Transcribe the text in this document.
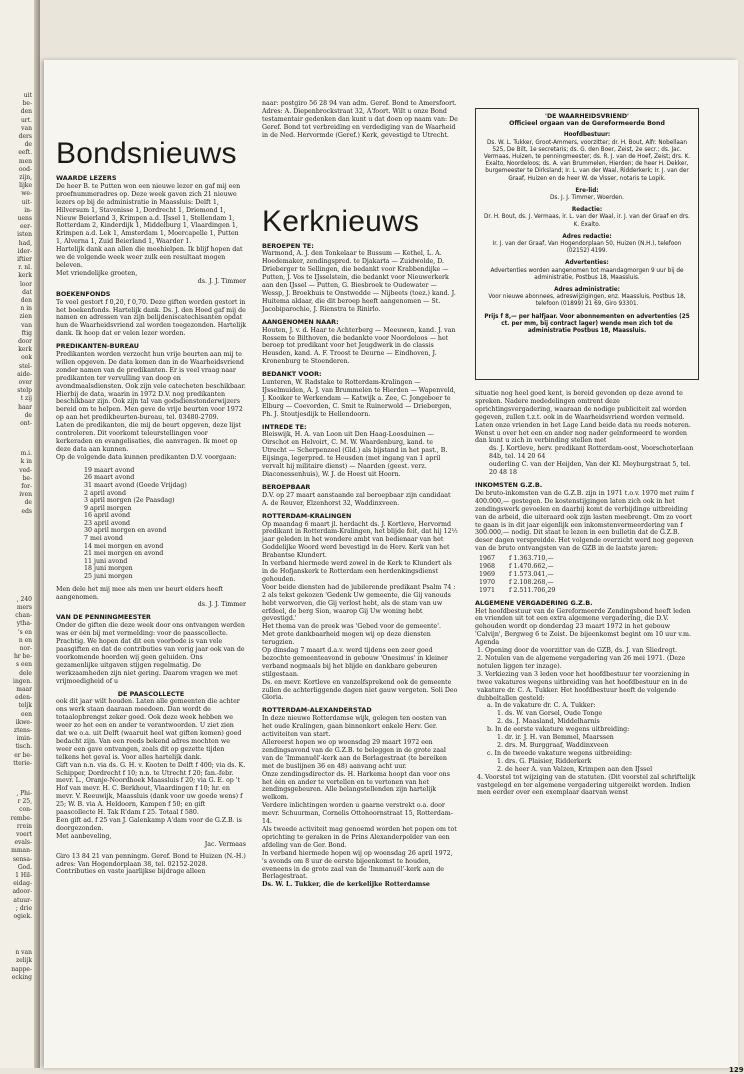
uit
be-
den
urt.
van
ders
de
eeft.
men
ood-
zijn,
lijke
we-
uit-
in-
uens
eer-
isten
had,
ider-
iftier
r. nl.
kerk
loor
dat
den
n in
zien
van
ftig
door
kerk
ook
stel-
aide-
over
stelp
t zij
haar
de
ont-
m.i.
k in
ved-
be-
for-
iven
de
eds
, 240
mers
chan-
ytha-
's en
n en
nor-
hr be-
s een
dele
ingen.
maar
eden-
teljk
een
ikwe-
ztens-
imin-
tisch.
er be-
tterie-
, Phi-
r 25,
con-
rembe-
rrein
voert
evals-
mman-
sensa-
God.
1 Hil-
eidag-
adoor-
atuur-
; drie
ogiek.
n van
zelijk
nappe-
ecking
Bondsnieuws
WAARDE LEZERS

De heer B. te Putten won een nieuwe lezer en gaf mij een proefnummeradres op. Deze week gaven zich 21 nieuwe lezers op bij de administratie in Maassluis: Delft 1, Hilversum 1, Stavenisse 1, Dordrecht 1, Driemond 1, Nieuw Beierland 3, Krimpen a.d. IJssel 1, Stellendam 1, Rotterdam 2, Kinderdijk 1, Middelburg 1, Vlaardingen 1, Krimpen a.d. Lek 1, Amsterdam 1, Moercapelle 1, Putten 1, Alverna 1, Zuid Beierland 1, Waarder 1.

Hartelijk dank aan allen die meehielpen. Ik blijf hopen dat we de volgende week weer zulk een resultaat mogen beleven.

Met vriendelijke groeten,

ds. J. J. Timmer

BOEKENFONDS

Te veel gestort f 0,20, f 0,70. Deze giften worden gestort in het boekenfonds. Hartelijk dank. Ds. J. den Hoed gaf mij de namen en adressen van zijn belijdeniscatechisanten opdat hun de Waarheidsvriend zal worden toegezonden. Hartelijk dank. Ik hoop dat er velen lezer worden.

PREDIKANTEN-BUREAU

Predikanten worden verzocht hun vrije beurten aan mij te willen opgeven. De data komen dan in de Waarheidsvriend zonder namen van de predikanten. Er is veel vraag naar predikanten ter vervulling van doop en avondmaalsdiensten. Ook zijn vele catecheten beschikbaar.

Hierbij de data, waarin in 1972 D.V. nog predikanten beschikbaar zijn. Ook zijn tal van godsdienstonderwijzers bereid om te helpen. Men geve de vrije beurten voor 1972 op aan het predikbeurten-bureau, tel. 03480-2709.

Laten de predikanten, die mij de beurt opgeven, deze lijst controleren. Dit voorkomt teleurstellingen voor kerkeraden en evangelisaties, die aanvragen. Ik moet op deze data aan kunnen.

Op de volgende data kunnen predikanten D.V. voorgaan:

19 maart avond
26 maart avond
31 maart avond (Goede Vrijdag)
2 april avond
3 april morgen (2e Paasdag)
9 april morgen
16 april avond
23 april avond
30 april morgen en avond
7 mei avond
14 mei morgen en avond
21 mei morgen en avond
11 juni avond
18 juni morgen
25 juni morgen

Men dele het mij mee als men uw beurt elders heeft aangenomen.

ds. J. J. Timmer

VAN DE PENNINGMEESTER

Onder de giften die deze week door ons ontvangen werden was er één bij met vermelding: voor de paasscollecte. Prachtig. We hopen dat dit een voorbode is van vele paasgiften en dat de contributies van vorig jaar ook van de voorkomende hoorden wij geen geluiden. Ons gezamenlijke uitgaven stijgen regelmatig. De werkzaamheden zijn niet gering. Daarom vragen we met vrijmoedigheid of u

DE PAASCOLLECTE

ook dit jaar wilt houden. Laten alle gemeenten die achter ons werk staan daaraan meedoen. Dan wordt de totaalopbrengst zeker goed. Ook deze week hebben we weer zo het een en ander te verantwoorden. U ziet zien dat we o.a. uit Delft (waaruit heel wat giften komen) goed bedacht zijn. Van een reeds bekend adres mochten we weer een gave ontvangen, zoals dit op gezette tijden telkens het geval is. Voor alles hartelijk dank.

Gift van n.n. via ds. G. H. v. Kooten te Delft f 400; via ds. K. Schipper, Dordrecht f 10; n.n. te Utrecht f 20; fan.-febr. mevr. L., Oranje-Noordhoek Maassluis f 20; via G. E. op 't Hof van mevr. H. C. Berkhout, Vlaardingen f 10; hr. en mevr. V. Reeuwijk, Maassluis (dank voor uw goede wens) f 25; W. B. via A. Heldoorn, Kampen f 50; en gift paascollecte H. Tak R'dam f 25. Totaal f 580.

Een gift ad. f 25 van J. Galenkamp A'dam voor de G.Z.B. is doorgezonden.

Met aanbeveling,

Jac. Vermaas

Giro 13 84 21 van penningm. Geref. Bond te Huizen (N.-H.) adres: Van Hogendorplaan 38, tel. 02152-2028. Contributies en vaste jaarlijkse bijdrage alleen

naar: postgiro 56 28 94 van adm. Geref. Bond te Amersfoort. Adres: A. Diepenbrockstraat 32, A'foort. Wilt u onze Bond testamentair gedenken dan kunt u dat doen op naam van: De Geref. Bond tot verbreiding en verdediging van de Waarheid in de Ned. Hervormde (Geref.) Kerk, gevestigd te Utrecht.

Kerknieuws
BEROEPEN TE:

Warmond, A. J. den Tonkelaar te Bussum — Kethel, L. A. Hoedemaker, zendingspred. te Djakarta — Zuidwolde, D. Drieberger te Sellingen, die bedankt voor Krabbendijke — Putten, J. Vos te IJsselstein, die bedankt voor Nieuwerkerk aan den IJssel — Putten, G. Biesbroek te Oudewater — Wessp, J. Broekhuis te Onstwedde — Nijbeets (toez.) kand. J. Huitema aldaar, die dit beroep heeft aangenomen — St. Jacobiparochie, J. Rienstra te Rinirlo.

AANGENOMEN NAAR:

Houten, J. v. d. Haar te Achterberg — Meeuwen, kand. J. van Rossem te Bilthoven, die bedankte voor Noordeloos — het beroep tot predikant voor het Jeugdwerk in de classis Heusden, kand. A. F. Troost te Deurne — Eindhoven, J. Kronenburg te Stoenderen.

BEDANKT VOOR:

Lunteren, W. Radstake te Rotterdam-Kralingen — IJsselmuiden, A. J. van Brummelen te Hierden — Wapenveld, J. Kooiker te Werkendam — Katwijk a. Zee, C. Jongeboer te Elburg — Coevorden, C. Smit te Ruinerwold — Driebergen, Ph. J. Stoutjesdijk te Hellendoorn.

INTREDE TE:

Bleiswijk, H. A. van Loon uit Den Haag-Loosduinen — Oirschot en Helvoirt, C. M. W. Waardenburg, kand. te Utrecht — Scherpenzeel (Gld.) als bijstand in het past., B. Eijsinga, legerpred. te Heusden (met ingang van 1 april vervalt hij militaire dienst) — Naarden (geest. verz. Diaconessenhuis), W. J. de Hoest uit Hoorn.

BEROEPBAAR

D.V. op 27 maart aanstaande zal beroepbaar zijn candidaat A. de Reuver, Elzenhorst 32, Waddinxveen.

ROTTERDAM-KRALINGEN

Op maandag 6 maart jl. herdacht ds. J. Kortleve, Hervormd predikant in Rotterdam-Kralingen, het blijde feit, dat hij 12½ jaar geleden in het wondere ambt van bedienaar van het Goddelijke Woord werd bevestigd in de Herv. Kerk van het Brabantse Klundert.

In verband hiermede werd zowel in de Kerk te Klundert als in de Hofjanskerk te Rotterdam een herdenkingsdienst gehouden.

Voor beide diensten had de jubilerende predikant Psalm 74 : 2 als tekst gekozen 'Gedenk Uw gemeente, die Gij vanouds hebt verworven, die Gij verlost hebt, als de stam van uw erfdeel, de berg Sion, waarop Gij Uw woning hebt gevestigd.'

Het thema van de preek was 'Gebed voor de gemeente'.

Met grote dankbaarheid mogen wij op deze diensten terugzien.

Op dinsdag 7 maart d.a.v. werd tijdens een zeer goed bezochte gemeenteavond in gebouw 'Onesimus' in kleiner verband nogmaals bij het blijde en dankbare gebeuren stilgestaan.

Ds. en mevr. Kortleve en vanzelfsprekend ook de gemeente zullen de achterliggende dagen niet gauw vergeten. Soli Deo Gloria.

ROTTERDAM-ALEXANDERSTAD

In deze nieuwe Rotterdamse wijk, gelegen ten oosten van het oude Kralingen, gaan binnenkort enkele Herv. Ger. activiteiten van start.

Allereerst hopen we op woensdag 29 maart 1972 een zendingsavond van de G.Z.B. te beleggen in de grote zaal van de 'Immanuël'-kerk aan de Berlagestraat (te bereiken met de buslijnen 36 en 48) aanvang acht uur.

Onze zendingsdirector ds. H. Harkema hoopt dan voor ons het één en ander te vertellen en te vertonen van het zendingsgebeuren. Alle belangstellenden zijn hartelijk welkom.

Verdere inlichtingen worden u gaarne verstrekt o.a. door mevr. Schuurman, Cornelis Ottohoornstraat 15, Rotterdam-14.

Als tweede activiteit mag genoemd worden het popen om tot oprichting te geraken in de Prins Alexanderpolder van een afdeling van de Ger. Bond.

In verband hiermede hopen wij op woensdag 26 april 1972, 's avonds om 8 uur de eerste bijeenkomst te houden, eveneens in de grote zaal van de 'Immanuël'-kerk aan de Berlagestraat.

Ds. W. L. Tukker, die de kerkelijke Rotterdamse

'DE WAARHEIDSVRIEND'
Officieel orgaan van de Gereformeerde Bond
Hoofdbestuur:
Ds. W. L. Tukker, Groot-Ammers, voorzitter; dr. H. Bout, Alfr. Nobellaan 525, De Bilt, 1e secretaris; ds. G. den Boer, Zeist, 2e secr.; ds. Jac. Vermaas, Huizen, te penningmeester; ds. R. J. van de Hoef, Zeist; drs. K. Exalto, Noordeloos; ds. A. van Brummelen, Hierden; de heer H. Dekker, burgemeester te Dirksland; Ir. L. van der Waal, Ridderkerk; Ir. J. van der Graaf, Huizen en de heer W. de Visser, notaris te Lopik.
Ere-lid:
Ds. J. J. Timmer, Woerden.
Redactie:
Dr. H. Bout, ds. J. Vermaas, ir. L. van der Waal, ir. J. van der Graaf en drs. K. Exalto.
Adres redactie:
Ir. J. van der Graaf, Van Hogendorplaan 50, Huizen (N.H.), telefoon (02152) 4199.
Advertenties:
Advertenties worden aangenomen tot maandagmorgen 9 uur bij de administratie, Postbus 18, Maassluis.
Adres administratie:
Voor nieuwe abonnees, adreswijzigingen, enz. Maassluis, Postbus 18, telefoon (01899) 21 69, Giro 93301.
Prijs f 8,— per halfjaar. Voor abonnementen en advertenties (25 ct. per mm, bij contract lager) wende men zich tot de administratie Postbus 18, Maassluis.

situatie nog heel goed kent, is bereid gevonden op deze avond te spreken. Nadere mededelingen omtrent deze oprichtingsvergadering, waaraan de nodige publiciteit zal worden gegeven, zullen t.z.t. ook in de Waarheidsvriend worden vermeld.

Laten onze vrienden in het Lage Land beide data nu reeds noteren.

Wenst u over het een en ander nog nader geïnformeerd te worden dan kunt u zich in verbinding stellen met

ds. J. Kortleve, herv. predikant Rotterdam-oost, Voorschoterlaan 84b, tel. 14 20 64

ouderling C. van der Heijden, Van der Kl. Meyburgstraat 5, tel. 20 48 18

INKOMSTEN G.Z.B.

De bruto-inkomsten van de G.Z.B. zijn in 1971 t.o.v. 1970 met ruim f 400.000,— gestegen. De kostenstijgingen laten zich ook in het zendingswerk gevoelen en daarbij komt de verbijdinge uitbreiding van de arbeid, die uiteraard ook zijn lasten meebrengt. Om zo voort te gaan is in dit jaar eigenlijk een inkomstenvermeerdering van f 300.000,— nodig. Dit staat te lezen in een bulletin dat de G.Z.B. deser dagen verspreidde. Het volgende overzicht werd nog gegeven van de bruto ontvangsten van de GZB in de laatste jaren:

1967 f 1.363.710,—
1968 f 1.470.662,—
1969 f 1.573.041,—
1970 f 2.108.268,—
1971 f 2.511.706,29
ALGEMENE VERGADERING G.Z.B.

Het hoofdbestuur van de Gereformeerde Zendingsbond heeft leden en vrienden uit tot een extra algemene vergadering, die D.V. gehouden wordt op donderdag 23 maart 1972 in het gebouw 'Calvijn', Bergweg 6 te Zeist. De bijeenkomst begint om 10 uur v.m.

Agenda

1. Opening door de voorzitter van de GZB, ds. J. van Sliedregt.
2. Notulen van de algemene vergadering van 26 mei 1971. (Deze notulen liggen ter inzage).
3. Verkiezing van 3 leden voor het hoofdbestuur ter voorziening in twee vakatures wegens uitbreiding van het hoofdbestuur en in de vakature dr. C. A. Tukker. Het hoofdbestuur heeft de volgende dubbeltallen gesteld:
a. In de vakature dr. C. A. Tukker:
1. ds. W. van Gorsel, Oude Tonge
2. ds. J. Maasland, Middelharnis
b. In de eerste vakature wegens uitbreiding:
1. dr. ir. J. H. van Bemmel, Maarssen
2. drs. M. Burggraaf, Waddinxveen
c. In de tweede vakature wegens uitbreiding:
1. drs. G. Plaisier, Ridderkerk
2. de heer A. van Valzen, Krimpen aan den IJssel
4. Voorstel tot wijziging van de statuten. (Dit voorstel zal schriftelijk vastgelegd en ter algemene vergadering uitgereikt worden. Indien men eerder over een exemplaar daarvan wenst
129
